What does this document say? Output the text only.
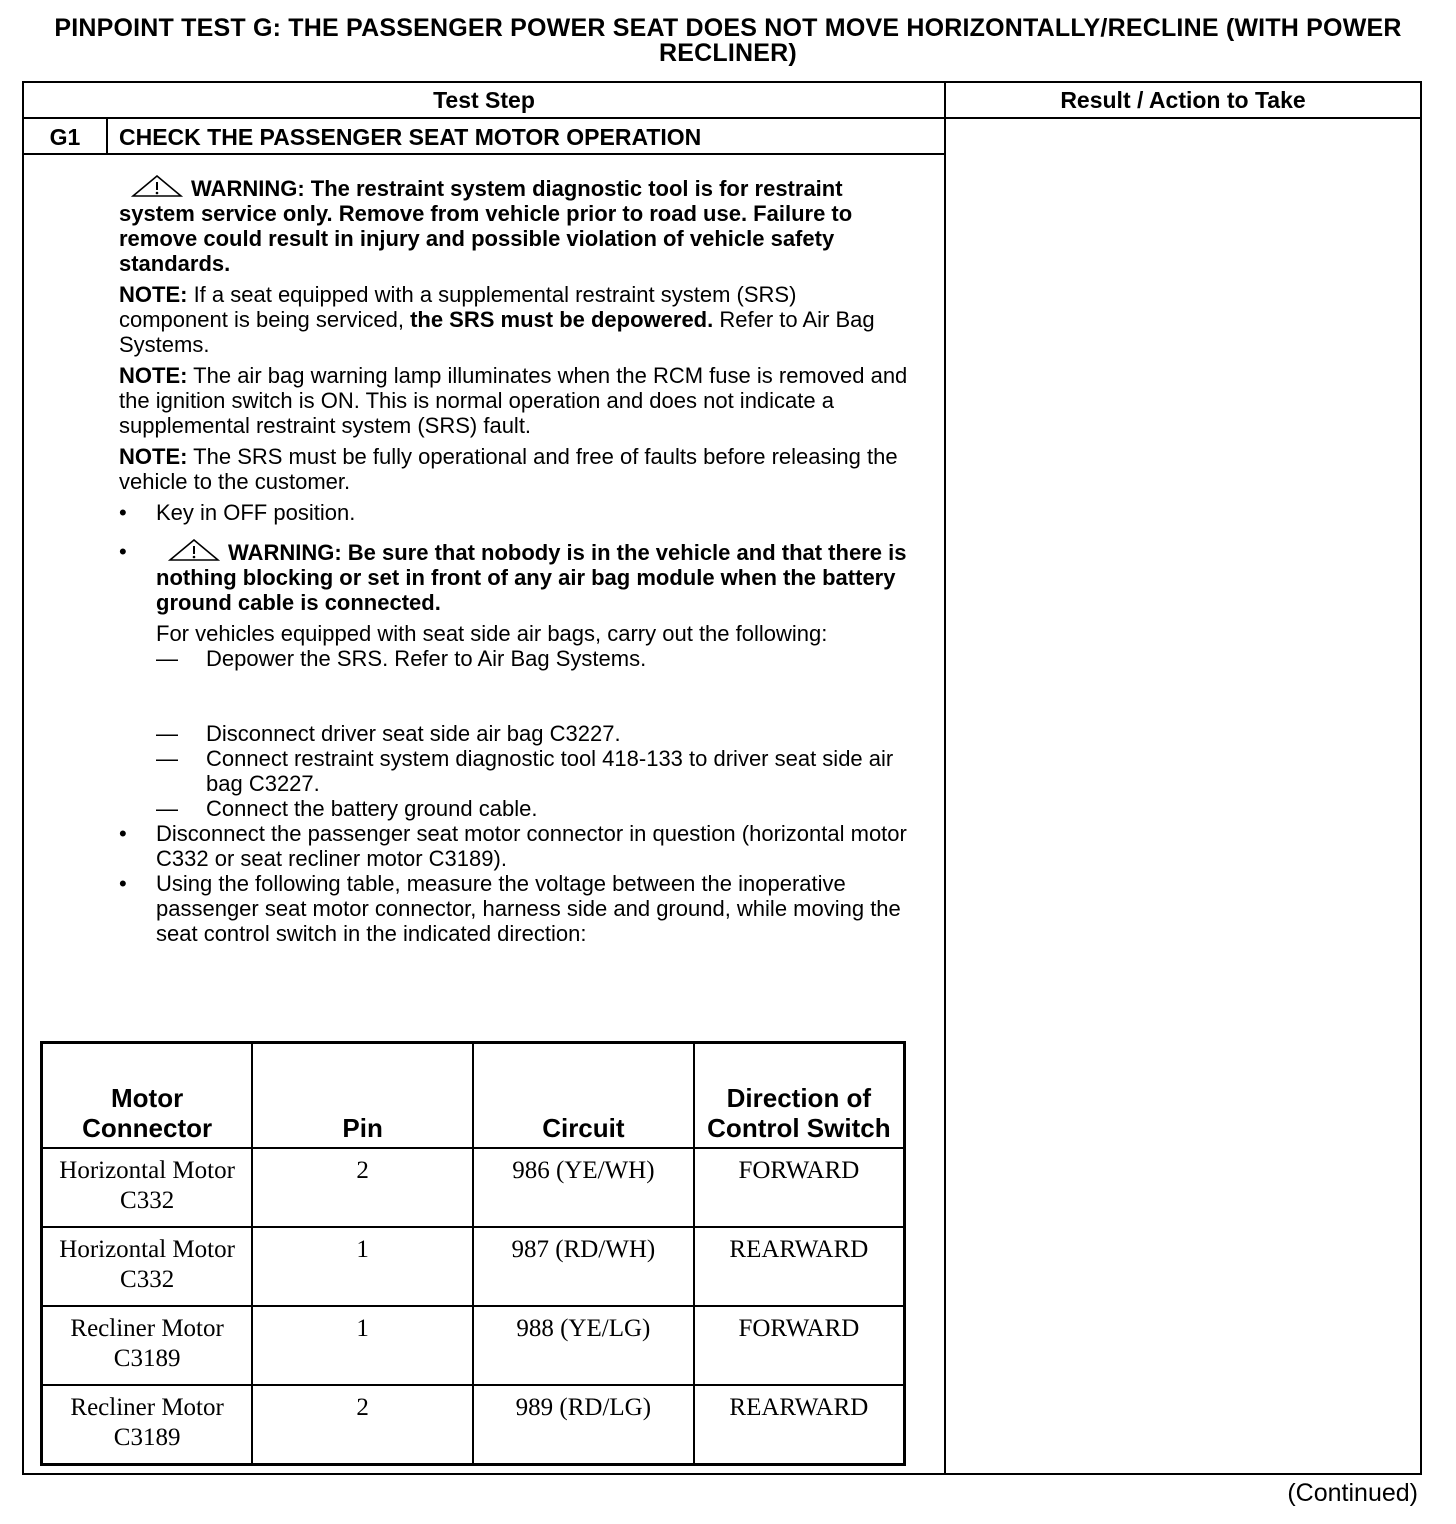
PINPOINT TEST G: THE PASSENGER POWER SEAT DOES NOT MOVE HORIZONTALLY/RECLINE (WITH POWER RECLINER)
Test Step	Result / Action to Take
G1	CHECK THE PASSENGER SEAT MOTOR OPERATION
WARNING: The restraint system diagnostic tool is for restraint system service only. Remove from vehicle prior to road use. Failure to remove could result in injury and possible violation of vehicle safety standards.
NOTE: If a seat equipped with a supplemental restraint system (SRS) component is being serviced, the SRS must be depowered. Refer to Air Bag Systems.
NOTE: The air bag warning lamp illuminates when the RCM fuse is removed and the ignition switch is ON. This is normal operation and does not indicate a supplemental restraint system (SRS) fault.
NOTE: The SRS must be fully operational and free of faults before releasing the vehicle to the customer.
• Key in OFF position.
•	WARNING: Be sure that nobody is in the vehicle and that there is nothing blocking or set in front of any air bag module when the battery ground cable is connected.
For vehicles equipped with seat side air bags, carry out the following:
— Depower the SRS. Refer to Air Bag Systems.
— Disconnect driver seat side air bag C3227.
— Connect restraint system diagnostic tool 418-133 to driver seat side air bag C3227.
— Connect the battery ground cable.
• Disconnect the passenger seat motor connector in question (horizontal motor C332 or seat recliner motor C3189).
• Using the following table, measure the voltage between the inoperative passenger seat motor connector, harness side and ground, while moving the seat control switch in the indicated direction:
Motor Connector	Pin	Circuit	Direction of Control Switch
Horizontal Motor C332	2	986 (YE/WH)	FORWARD
Horizontal Motor C332	1	987 (RD/WH)	REARWARD
Recliner Motor C3189	1	988 (YE/LG)	FORWARD
Recliner Motor C3189	2	989 (RD/LG)	REARWARD
(Continued)
